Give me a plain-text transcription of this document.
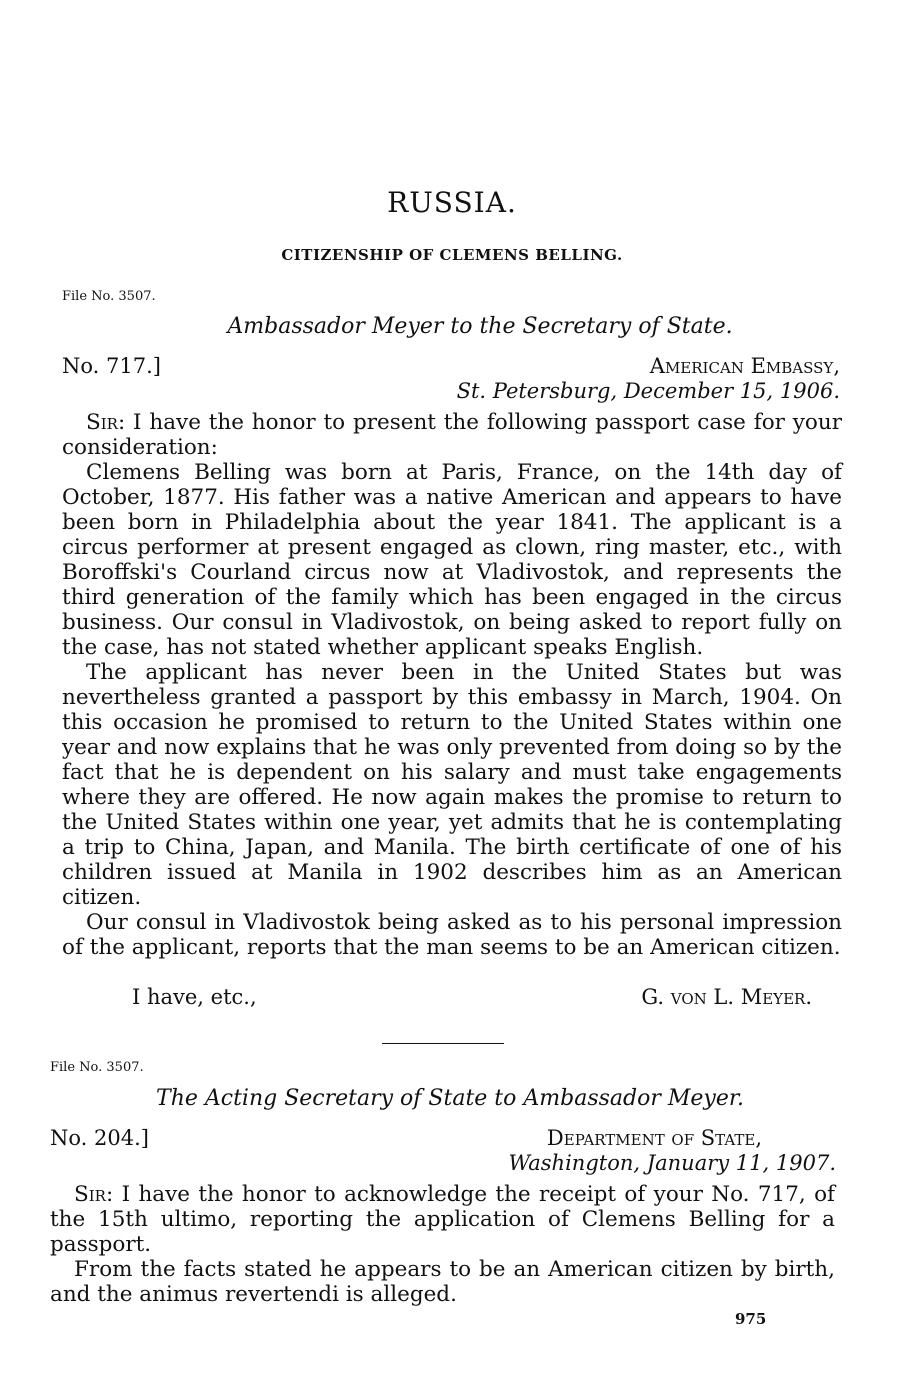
RUSSIA.
CITIZENSHIP OF CLEMENS BELLING.
File No. 3507.
Ambassador Meyer to the Secretary of State.
No. 717.]	American Embassy,
St. Petersburg, December 15, 1906.

Sir: I have the honor to present the following passport case for your consideration:

Clemens Belling was born at Paris, France, on the 14th day of October, 1877. His father was a native American and appears to have been born in Philadelphia about the year 1841. The applicant is a circus performer at present engaged as clown, ring master, etc., with Boroffski's Courland circus now at Vladivostok, and represents the third generation of the family which has been engaged in the circus business. Our consul in Vladivostok, on being asked to report fully on the case, has not stated whether applicant speaks English.

The applicant has never been in the United States but was nevertheless granted a passport by this embassy in March, 1904. On this occasion he promised to return to the United States within one year and now explains that he was only prevented from doing so by the fact that he is dependent on his salary and must take engagements where they are offered. He now again makes the promise to return to the United States within one year, yet admits that he is contemplating a trip to China, Japan, and Manila. The birth certificate of one of his children issued at Manila in 1902 describes him as an American citizen.

Our consul in Vladivostok being asked as to his personal impression of the applicant, reports that the man seems to be an American citizen.

I have, etc.,	G. von L. Meyer.
File No. 3507.
The Acting Secretary of State to Ambassador Meyer.
No. 204.]	Department of State,
Washington, January 11, 1907.

Sir: I have the honor to acknowledge the receipt of your No. 717, of the 15th ultimo, reporting the application of Clemens Belling for a passport.

From the facts stated he appears to be an American citizen by birth, and the animus revertendi is alleged.

975
